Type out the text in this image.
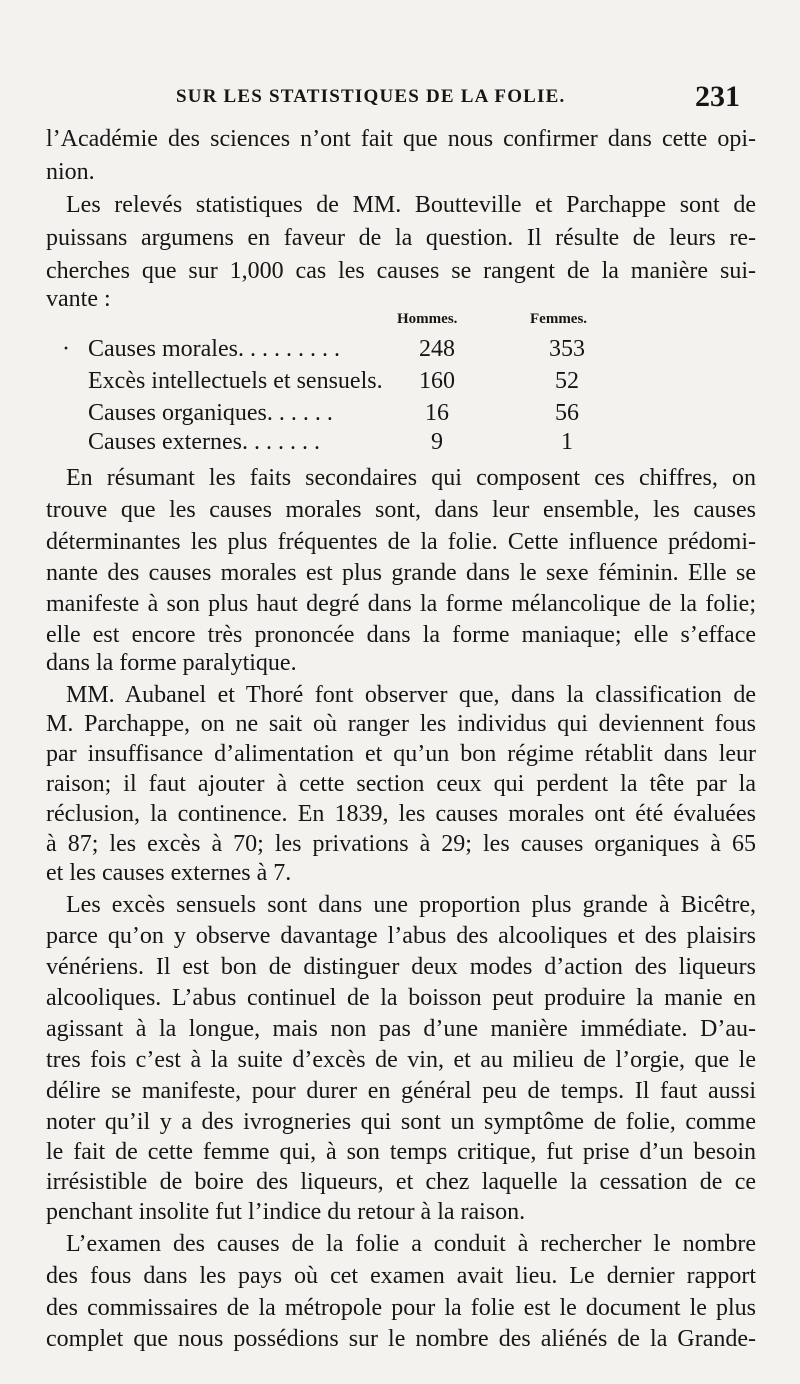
SUR LES STATISTIQUES DE LA FOLIE.	231
l’Académie des sciences n’ont fait que nous confirmer dans cette opi-
nion.
Les relevés statistiques de MM. Boutteville et Parchappe sont de
puissans argumens en faveur de la question. Il résulte de leurs re-
cherches que sur 1,000 cas les causes se rangent de la manière sui-
vante :
Hommes.	Femmes.
· Causes morales. . . . . . . . .	248	353
Excès intellectuels et sensuels.	160	52
Causes organiques. . . . . .	16	56
Causes externes. . . . . . .	9	1
En résumant les faits secondaires qui composent ces chiffres, on
trouve que les causes morales sont, dans leur ensemble, les causes
déterminantes les plus fréquentes de la folie. Cette influence prédomi-
nante des causes morales est plus grande dans le sexe féminin. Elle se
manifeste à son plus haut degré dans la forme mélancolique de la folie;
elle est encore très prononcée dans la forme maniaque; elle s’efface
dans la forme paralytique.
MM. Aubanel et Thoré font observer que, dans la classification de
M. Parchappe, on ne sait où ranger les individus qui deviennent fous
par insuffisance d’alimentation et qu’un bon régime rétablit dans leur
raison; il faut ajouter à cette section ceux qui perdent la tête par la
réclusion, la continence. En 1839, les causes morales ont été évaluées
à 87; les excès à 70; les privations à 29; les causes organiques à 65
et les causes externes à 7.
Les excès sensuels sont dans une proportion plus grande à Bicêtre,
parce qu’on y observe davantage l’abus des alcooliques et des plaisirs
vénériens. Il est bon de distinguer deux modes d’action des liqueurs
alcooliques. L’abus continuel de la boisson peut produire la manie en
agissant à la longue, mais non pas d’une manière immédiate. D’au-
tres fois c’est à la suite d’excès de vin, et au milieu de l’orgie, que le
délire se manifeste, pour durer en général peu de temps. Il faut aussi
noter qu’il y a des ivrogneries qui sont un symptôme de folie, comme
le fait de cette femme qui, à son temps critique, fut prise d’un besoin
irrésistible de boire des liqueurs, et chez laquelle la cessation de ce
penchant insolite fut l’indice du retour à la raison.
L’examen des causes de la folie a conduit à rechercher le nombre
des fous dans les pays où cet examen avait lieu. Le dernier rapport
des commissaires de la métropole pour la folie est le document le plus
complet que nous possédions sur le nombre des aliénés de la Grande-
